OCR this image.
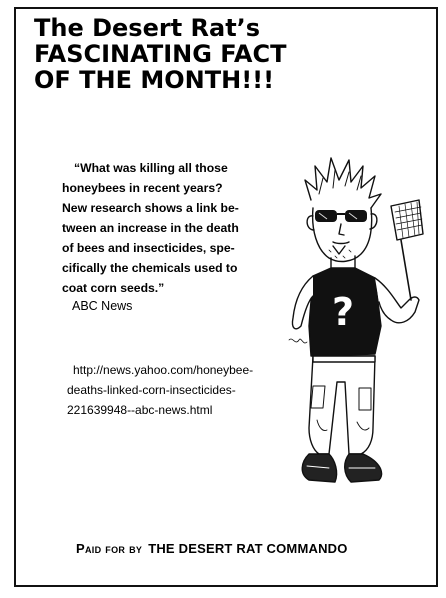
The Desert Rat’s
FASCINATING FACT
OF THE MONTH!!!
“What was killing all those
honeybees in recent years?
New research shows a link be-
tween an increase in the death
of bees and insecticides, spe-
cifically the chemicals used to
coat corn seeds.”
ABC News
http://news.yahoo.com/honeybee-
deaths-linked-corn-insecticides-
221639948--abc-news.html
?
Paid for by THE DESERT RAT COMMANDO
